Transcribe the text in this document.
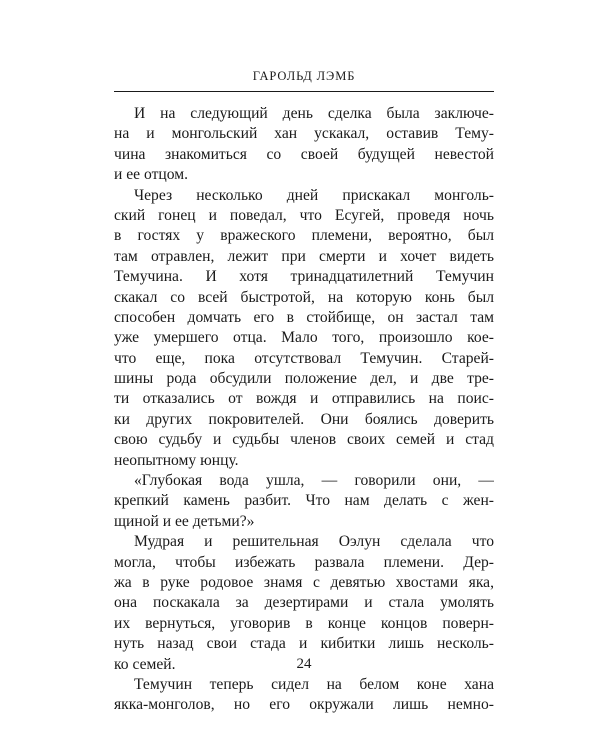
ГАРОЛЬД ЛЭМБ
И на следующий день сделка была заключе-
на и монгольский хан ускакал, оставив Тему-
чина знакомиться со своей будущей невестой
и ее отцом.
Через несколько дней прискакал монголь-
ский гонец и поведал, что Есугей, проведя ночь
в гостях у вражеского племени, вероятно, был
там отравлен, лежит при смерти и хочет видеть
Темучина. И хотя тринадцатилетний Темучин
скакал со всей быстротой, на которую конь был
способен домчать его в стойбище, он застал там
уже умершего отца. Мало того, произошло кое-
что еще, пока отсутствовал Темучин. Старей-
шины рода обсудили положение дел, и две тре-
ти отказались от вождя и отправились на поис-
ки других покровителей. Они боялись доверить
свою судьбу и судьбы членов своих семей и стад
неопытному юнцу.
«Глубокая вода ушла, — говорили они, —
крепкий камень разбит. Что нам делать с жен-
щиной и ее детьми?»
Мудрая и решительная Оэлун сделала что
могла, чтобы избежать развала племени. Дер-
жа в руке родовое знамя с девятью хвостами яка,
она поскакала за дезертирами и стала умолять
их вернуться, уговорив в конце концов поверн-
нуть назад свои стада и кибитки лишь несколь-
ко семей.
Темучин теперь сидел на белом коне хана
якка-монголов, но его окружали лишь немно-
24
